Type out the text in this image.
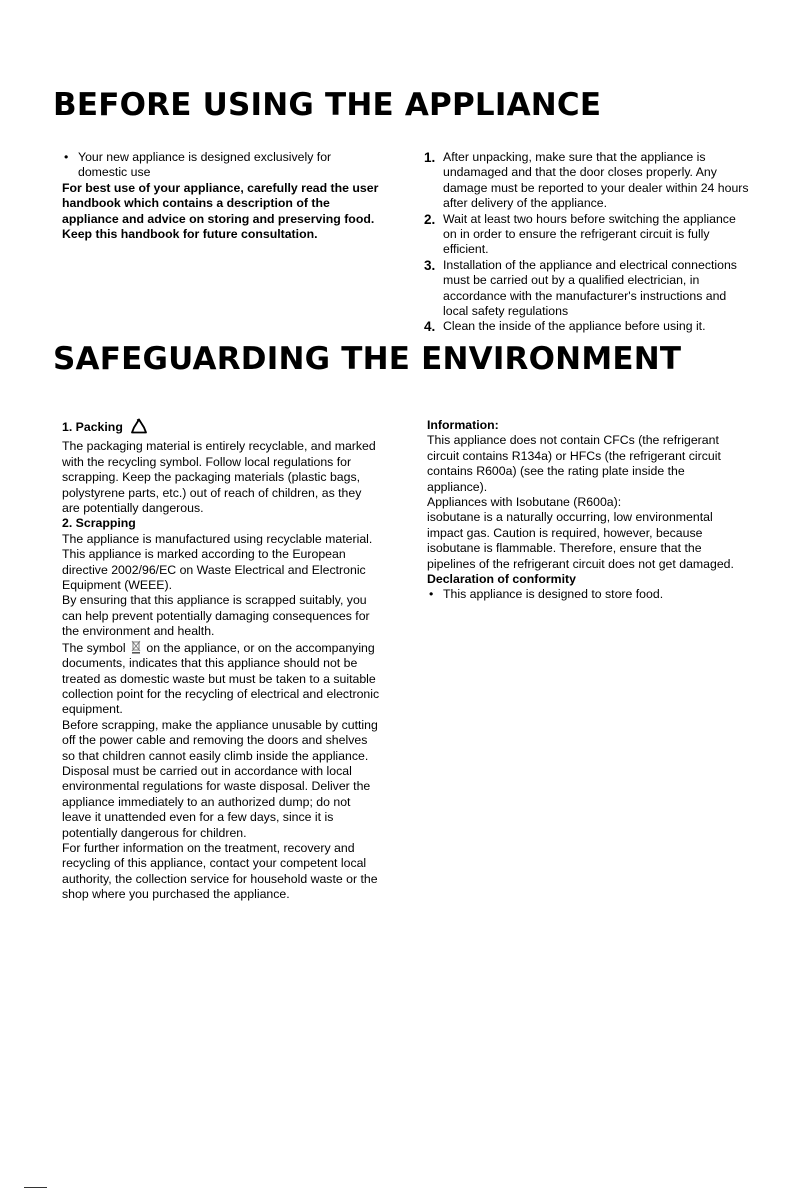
BEFORE USING THE APPLIANCE

• Your new appliance is designed exclusively for domestic use

For best use of your appliance, carefully read the user handbook which contains a description of the appliance and advice on storing and preserving food.

Keep this handbook for future consultation.

1. After unpacking, make sure that the appliance is undamaged and that the door closes properly. Any damage must be reported to your dealer within 24 hours after delivery of the appliance.
2. Wait at least two hours before switching the appliance on in order to ensure the refrigerant circuit is fully efficient.
3. Installation of the appliance and electrical connections must be carried out by a qualified electrician, in accordance with the manufacturer's instructions and local safety regulations
4. Clean the inside of the appliance before using it.
SAFEGUARDING THE ENVIRONMENT

1. Packing

The packaging material is entirely recyclable, and marked with the recycling symbol. Follow local regulations for scrapping. Keep the packaging materials (plastic bags, polystyrene parts, etc.) out of reach of children, as they are potentially dangerous.

2. Scrapping

The appliance is manufactured using recyclable material.

This appliance is marked according to the European directive 2002/96/EC on Waste Electrical and Electronic Equipment (WEEE).

By ensuring that this appliance is scrapped suitably, you can help prevent potentially damaging consequences for the environment and health.

The symbol on the appliance, or on the accompanying documents, indicates that this appliance should not be treated as domestic waste but must be taken to a suitable collection point for the recycling of electrical and electronic equipment.

Before scrapping, make the appliance unusable by cutting off the power cable and removing the doors and shelves so that children cannot easily climb inside the appliance.

Disposal must be carried out in accordance with local environmental regulations for waste disposal. Deliver the appliance immediately to an authorized dump; do not leave it unattended even for a few days, since it is potentially dangerous for children.

For further information on the treatment, recovery and recycling of this appliance, contact your competent local authority, the collection service for household waste or the shop where you purchased the appliance.

Information:

This appliance does not contain CFCs (the refrigerant circuit contains R134a) or HFCs (the refrigerant circuit contains R600a) (see the rating plate inside the appliance).

Appliances with Isobutane (R600a):

isobutane is a naturally occurring, low environmental impact gas. Caution is required, however, because isobutane is flammable. Therefore, ensure that the pipelines of the refrigerant circuit does not get damaged.

Declaration of conformity

• This appliance is designed to store food.
